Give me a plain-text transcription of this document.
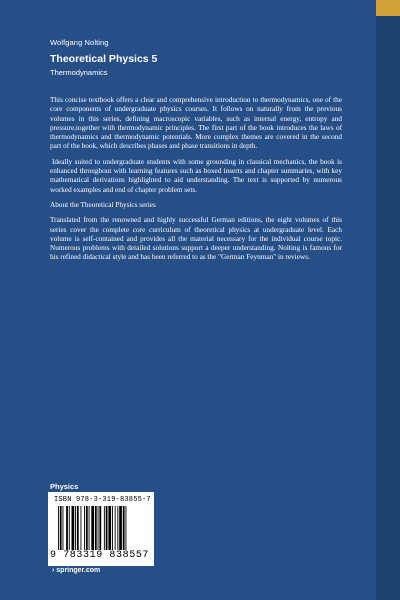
Wolfgang Nolting
Theoretical Physics 5
Thermodynamics

This concise textbook offers a clear and comprehensive introduction to thermodynamics, one of the core components of undergraduate physics courses. It follows on naturally from the previous volumes in this series, defining macroscopic variables, such as internal energy, entropy and pressure,together with thermodynamic principles. The first part of the book introduces the laws of thermodynamics and thermodynamic potentials. More complex themes are covered in the second part of the book, which describes phases and phase transitions in depth.

Ideally suited to undergraduate students with some grounding in classical mechanics, the book is enhanced throughout with learning features such as boxed inserts and chapter summaries, with key mathematical derivations highlighted to aid understanding. The text is supported by numerous worked examples and end of chapter problem sets.

About the Theoretical Physics series

Translated from the renowned and highly successful German editions, the eight volumes of this series cover the complete core curriculum of theoretical physics at undergraduate level. Each volume is self-contained and provides all the material necessary for the individual course topic. Numerous problems with detailed solutions support a deeper understanding. Nolting is famous for his refined didactical style and has been referred to as the "German Feynman" in reviews.

Physics
ISBN 978-3-319-83855-7
9 783319 838557
› springer.com
